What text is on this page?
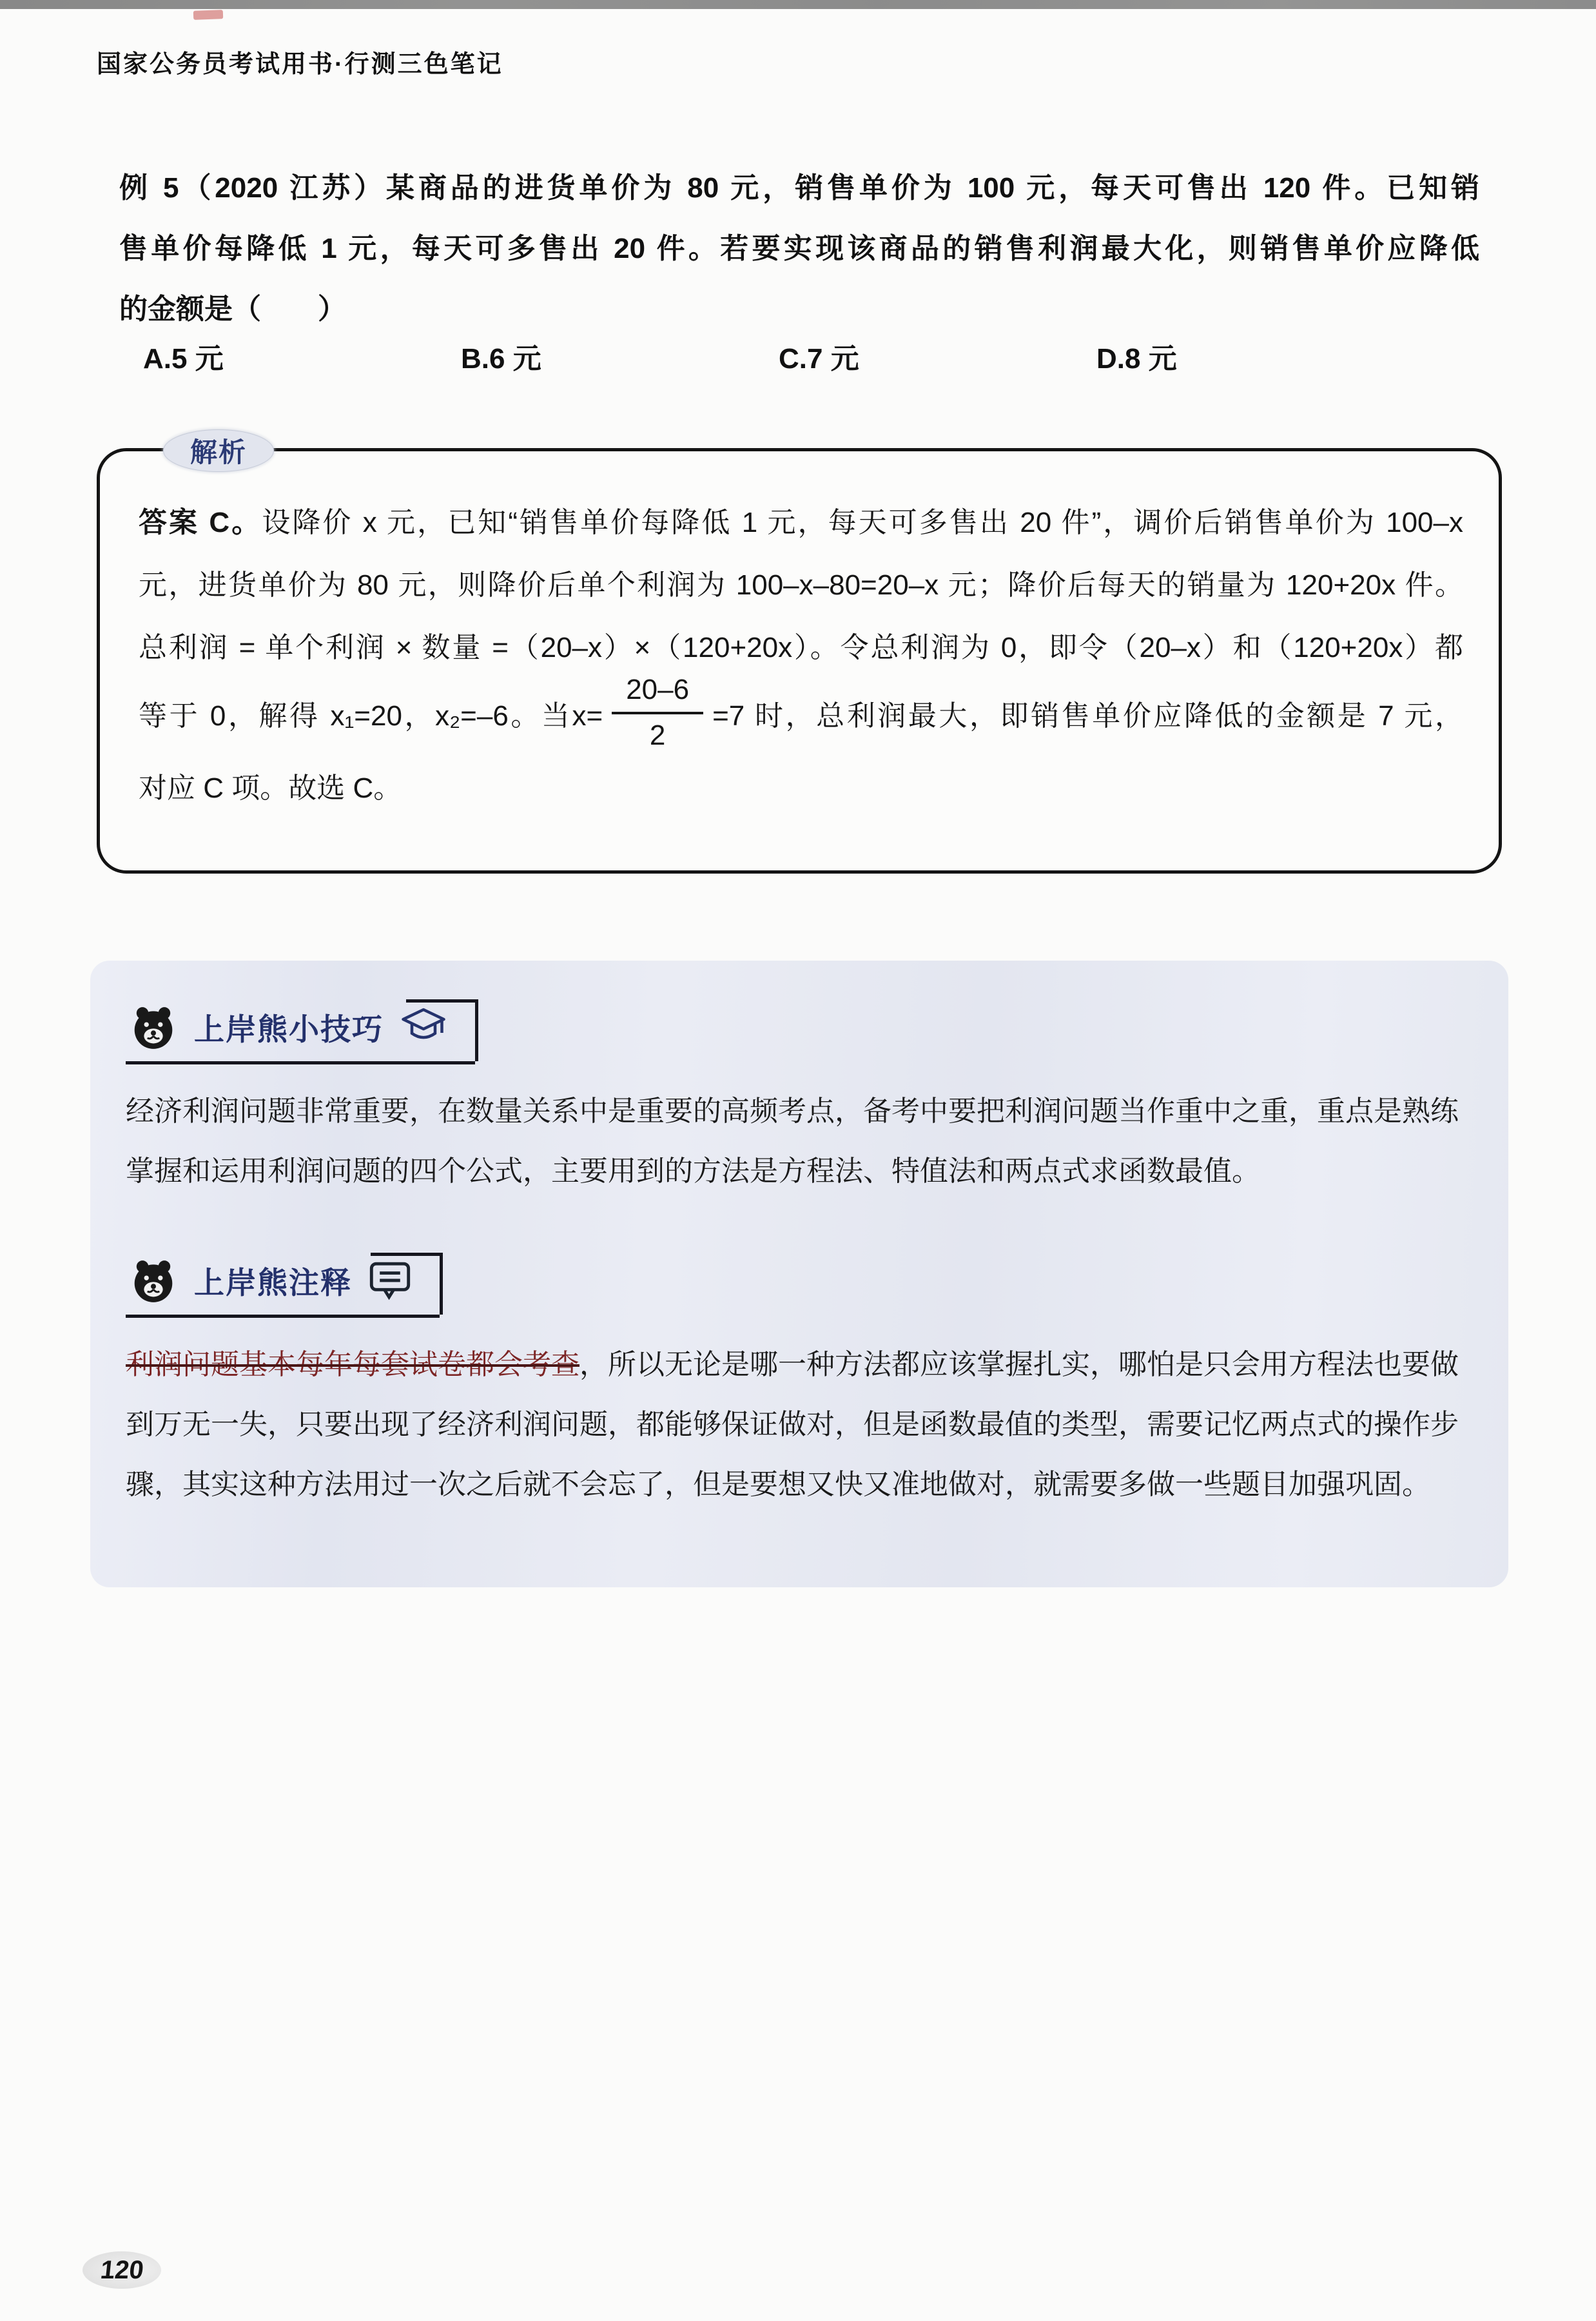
国家公务员考试用书·行测三色笔记
例 5（2020 江苏）某商品的进货单价为 80 元，销售单价为 100 元，每天可售出 120 件。已知销
售单价每降低 1 元，每天可多售出 20 件。若要实现该商品的销售利润最大化，则销售单价应降低
的金额是（　　）
A.5 元	B.6 元	C.7 元	D.8 元
解析
答案 C。设降价 x 元，已知“销售单价每降低 1 元，每天可多售出 20 件”，调价后销售单价为 100–x
元，进货单价为 80 元，则降价后单个利润为 100–x–80=20–x 元；降价后每天的销量为 120+20x 件。
总利润 = 单个利润 × 数量 =（20–x）×（120+20x）。令总利润为 0，即令（20–x）和（120+20x）都
等于 0，解得 x₁=20，x₂=–6。当$x= \frac{20-6}{2} =7$ 时，总利润最大，即销售单价应降低的金额是 7 元，
对应 C 项。故选 C。
上岸熊小技巧
经济利润问题非常重要，在数量关系中是重要的高频考点，备考中要把利润问题当作重中之重，重点是熟练掌握和运用利润问题的四个公式，主要用到的方法是方程法、特值法和两点式求函数最值。
上岸熊注释
利润问题基本每年每套试卷都会考查，所以无论是哪一种方法都应该掌握扎实，哪怕是只会用方程法也要做到万无一失，只要出现了经济利润问题，都能够保证做对，但是函数最值的类型，需要记忆两点式的操作步骤，其实这种方法用过一次之后就不会忘了，但是要想又快又准地做对，就需要多做一些题目加强巩固。
120
